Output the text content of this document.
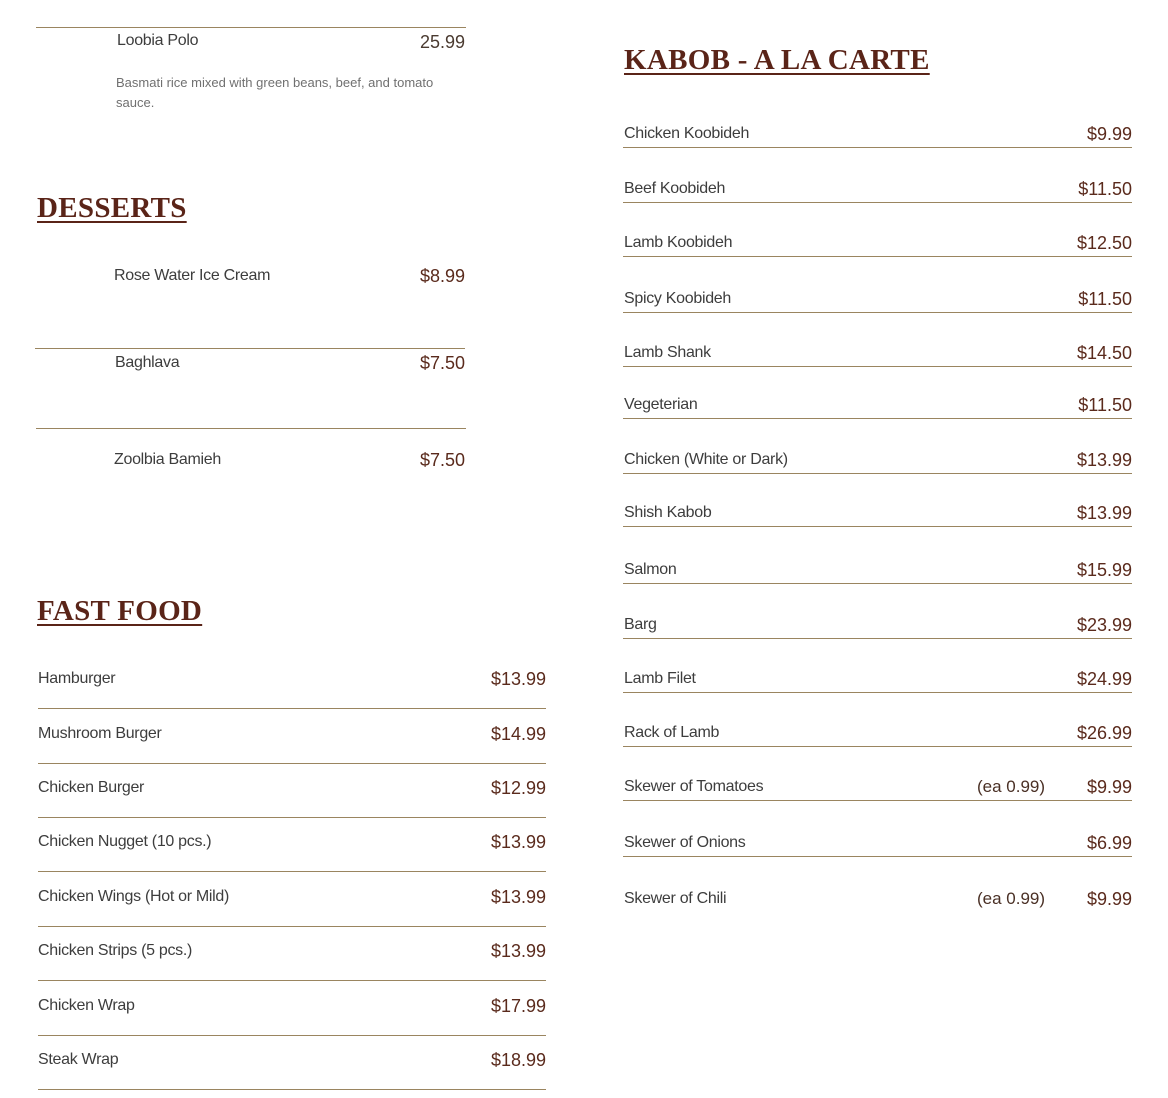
Loobia Polo	25.99
Basmati rice mixed with green beans, beef, and tomato sauce.
DESSERTS
Rose Water Ice Cream	$8.99
Baghlava	$7.50
Zoolbia Bamieh	$7.50
FAST FOOD
Hamburger	$13.99
Mushroom Burger	$14.99
Chicken Burger	$12.99
Chicken Nugget (10 pcs.)	$13.99
Chicken Wings (Hot or Mild)	$13.99
Chicken Strips (5 pcs.)	$13.99
Chicken Wrap	$17.99
Steak Wrap	$18.99
KABOB - A LA CARTE
Chicken Koobideh	$9.99
Beef Koobideh	$11.50
Lamb Koobideh	$12.50
Spicy Koobideh	$11.50
Lamb Shank	$14.50
Vegeterian	$11.50
Chicken (White or Dark)	$13.99
Shish Kabob	$13.99
Salmon	$15.99
Barg	$23.99
Lamb Filet	$24.99
Rack of Lamb	$26.99
Skewer of Tomatoes	(ea 0.99)	$9.99
Skewer of Onions	$6.99
Skewer of Chili	(ea 0.99)	$9.99
